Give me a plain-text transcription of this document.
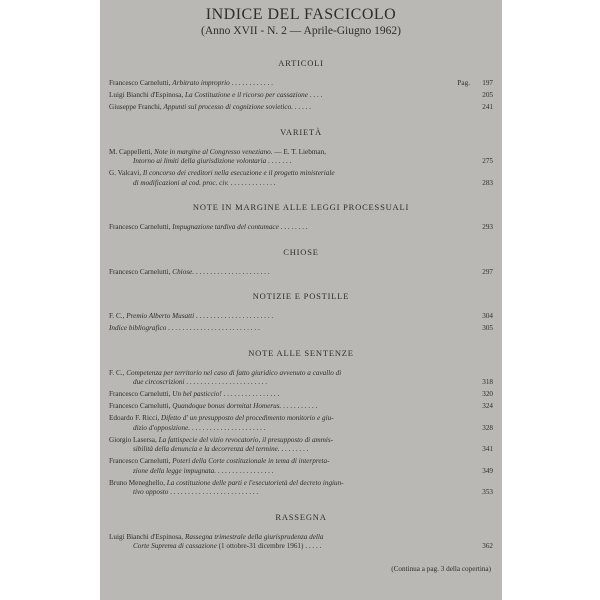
INDICE DEL FASCICOLO
(Anno XVII - N. 2 — Aprile-Giugno 1962)
ARTICOLI
Francesco Carnelutti, Arbitrato improprio . . . . . . . . . . . .	Pag.	197
Luigi Bianchi d'Espinosa, La Costituzione e il ricorso per cassazione . . . .	205
Giuseppe Franchi, Appunti sul processo di cognizione sovietico. . . . . .	241
VARIETÀ
M. Cappelletti, Note in margine al Congresso veneziano. — E. T. Liebman,
Intorno ai limiti della giurisdizione volontaria . . . . . . .	275
G. Valcavi, Il concorso dei creditori nella esecuzione e il progetto ministeriale
di modificazioni al cod. proc. civ. . . . . . . . . . . . . .	283
NOTE IN MARGINE ALLE LEGGI PROCESSUALI
Francesco Carnelutti, Impugnazione tardiva del contumace . . . . . . . .	293
CHIOSE
Francesco Carnelutti, Chiose. . . . . . . . . . . . . . . . . . . . . .	297
NOTIZIE E POSTILLE
F. C., Premio Alberto Musatti . . . . . . . . . . . . . . . . . . . . . .	304
Indice bibliografico . . . . . . . . . . . . . . . . . . . . . . . . . .	305
NOTE ALLE SENTENZE
F. C., Competenza per territorio nel caso di fatto giuridico avvenuto a cavallo di
due circoscrizioni . . . . . . . . . . . . . . . . . . . . . . .	318
Francesco Carnelutti, Un bel pasticcio! . . . . . . . . . . . . . . . .	320
Francesco Carnelutti, Quandoque bonus dormitat Homerus. . . . . . . . . . .	324
Edoardo F. Ricci, Difetto d' un presupposto del procedimento monitorio e giu-
dizio d'opposizione. . . . . . . . . . . . . . . . . . . . . .	328
Giorgio Lasersa, La fattispecie del vizio revocatorio, il presupposto di ammis-
sibilità della denuncia e la decorrenza del termine. . . . . . . . .	341
Francesco Carnelutti, Poteri della Corte costituzionale in tema di interpreta-
zione della legge impugnata. . . . . . . . . . . . . . . . .	349
Bruno Meneghello, La costituzione delle parti e l'esecutorietà del decreto ingiun-
tivo opposto . . . . . . . . . . . . . . . . . . . . . . . . .	353
RASSEGNA
Luigi Bianchi d'Espinosa, Rassegna trimestrale della giurisprudenza della
Corte Suprema di cassazione (1 ottobre-31 dicembre 1961) . . . . .	362
(Continua a pag. 3 della copertina)
